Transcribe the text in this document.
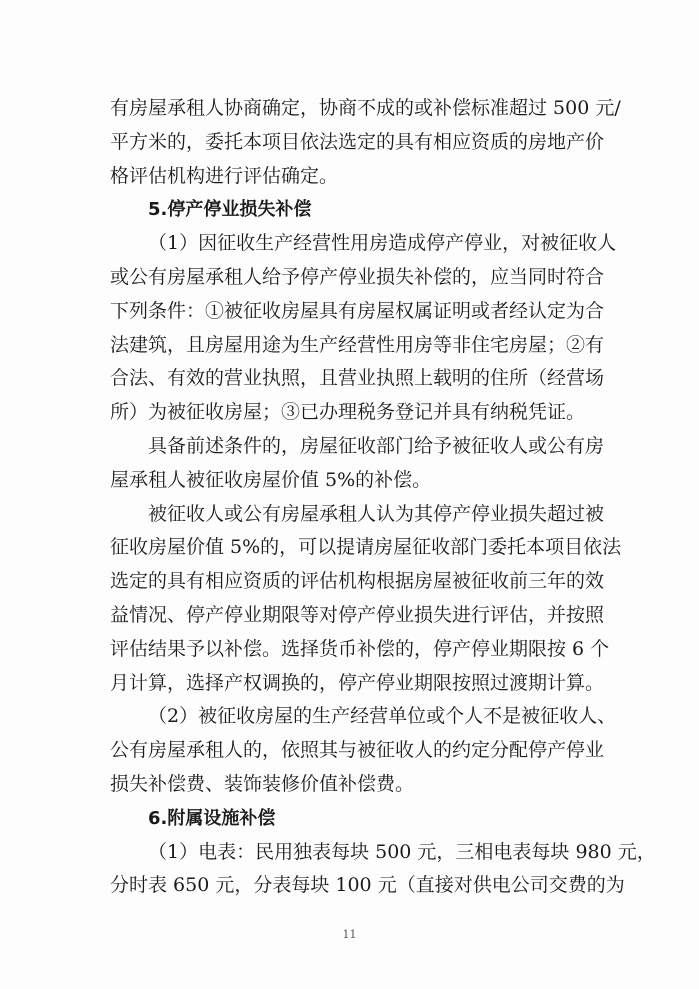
有房屋承租人协商确定，协商不成的或补偿标准超过 500 元/
平方米的，委托本项目依法选定的具有相应资质的房地产价
格评估机构进行评估确定。
5.停产停业损失补偿
（1）因征收生产经营性用房造成停产停业，对被征收人
或公有房屋承租人给予停产停业损失补偿的，应当同时符合
下列条件：①被征收房屋具有房屋权属证明或者经认定为合
法建筑，且房屋用途为生产经营性用房等非住宅房屋；②有
合法、有效的营业执照，且营业执照上载明的住所（经营场
所）为被征收房屋；③已办理税务登记并具有纳税凭证。
具备前述条件的，房屋征收部门给予被征收人或公有房
屋承租人被征收房屋价值 5%的补偿。
被征收人或公有房屋承租人认为其停产停业损失超过被
征收房屋价值 5%的，可以提请房屋征收部门委托本项目依法
选定的具有相应资质的评估机构根据房屋被征收前三年的效
益情况、停产停业期限等对停产停业损失进行评估，并按照
评估结果予以补偿。选择货币补偿的，停产停业期限按 6 个
月计算，选择产权调换的，停产停业期限按照过渡期计算。
（2）被征收房屋的生产经营单位或个人不是被征收人、
公有房屋承租人的，依照其与被征收人的约定分配停产停业
损失补偿费、装饰装修价值补偿费。
6.附属设施补偿
（1）电表：民用独表每块 500 元，三相电表每块 980 元，
分时表 650 元，分表每块 100 元（直接对供电公司交费的为
11
